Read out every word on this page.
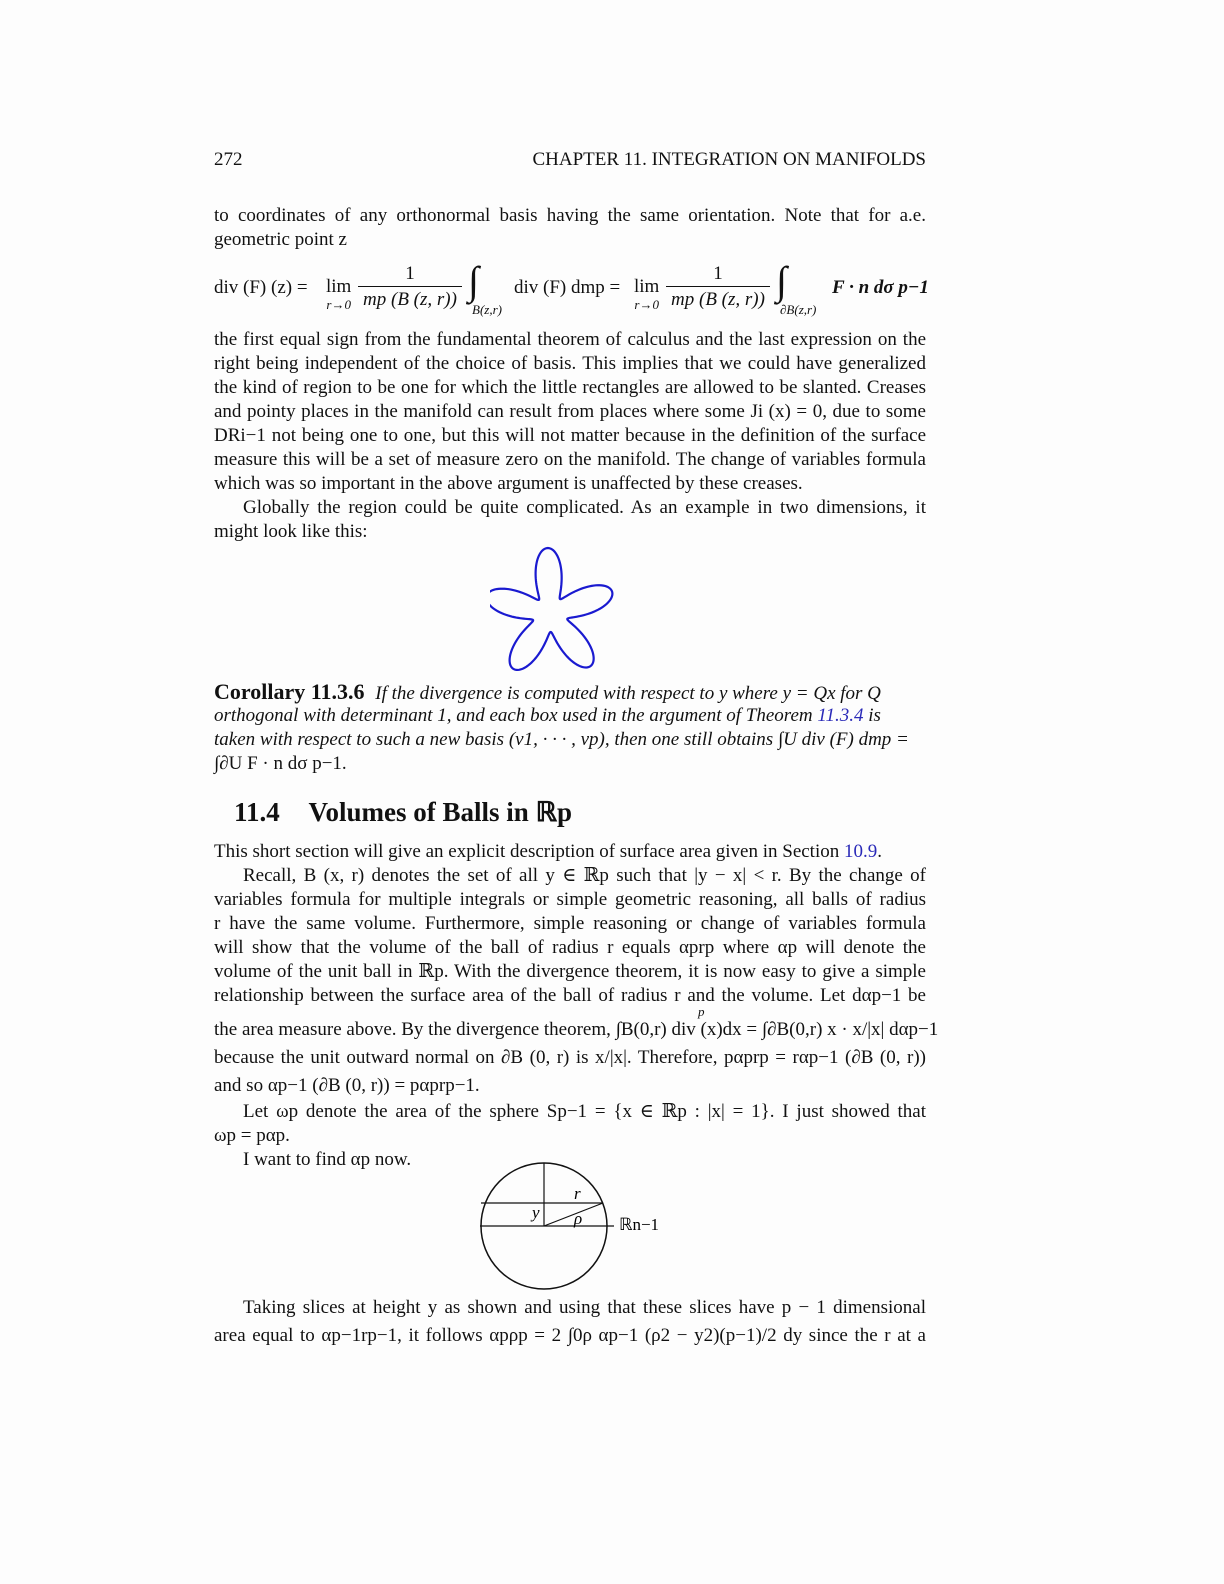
272	CHAPTER 11. INTEGRATION ON MANIFOLDS
to coordinates of any orthonormal basis having the same orientation. Note that for a.e.
geometric point z
div (F) (z) = lim
$r\to 0 \frac{1}{mp (B (z, r))}$ ∫
B(z,r)
div (F) dmp = lim
$r\to 0 \frac{1}{mp (B (z, r))}$ ∫
∂B(z,r)
F · n dσ p−1
the first equal sign from the fundamental theorem of calculus and the last expression on the
right being independent of the choice of basis. This implies that we could have generalized
the kind of region to be one for which the little rectangles are allowed to be slanted. Creases
and pointy places in the manifold can result from places where some Ji (x) = 0, due to some
DRi−1 not being one to one, but this will not matter because in the definition of the surface
measure this will be a set of measure zero on the manifold. The change of variables formula
which was so important in the above argument is unaffected by these creases.
Globally the region could be quite complicated. As an example in two dimensions, it
might look like this:
Corollary 11.3.6 If the divergence is computed with respect to y where y = Qx for Q
orthogonal with determinant 1, and each box used in the argument of Theorem 11.3.4 is
taken with respect to such a new basis (v1, · · · , vp), then one still obtains ∫U div (F) dmp =
∫∂U F · n dσ p−1.
11.4 Volumes of Balls in ℝp
This short section will give an explicit description of surface area given in Section 10.9.
Recall, B (x, r) denotes the set of all y ∈ ℝp such that |y − x| < r. By the change of
variables formula for multiple integrals or simple geometric reasoning, all balls of radius
r have the same volume. Furthermore, simple reasoning or change of variables formula
will show that the volume of the ball of radius r equals αprp where αp will denote the
volume of the unit ball in ℝp. With the divergence theorem, it is now easy to give a simple
relationship between the surface area of the ball of radius r and the volume. Let dαp−1 be
p
the area measure above. By the divergence theorem, ∫B(0,r) div (x)dx = ∫∂B(0,r) x · x/|x| dαp−1
because the unit outward normal on ∂B (0, r) is x/|x|. Therefore, pαprp = rαp−1 (∂B (0, r))
and so αp−1 (∂B (0, r)) = pαprp−1.
Let ωp denote the area of the sphere Sp−1 = {x ∈ ℝp : |x| = 1}. I just showed that
ωp = pαp.
I want to find αp now.
r
y ρ ℝn−1
Taking slices at height y as shown and using that these slices have p − 1 dimensional
area equal to αp−1rp−1, it follows αpρp = 2 ∫0ρ αp−1 (ρ2 − y2)(p−1)/2 dy since the r at a
